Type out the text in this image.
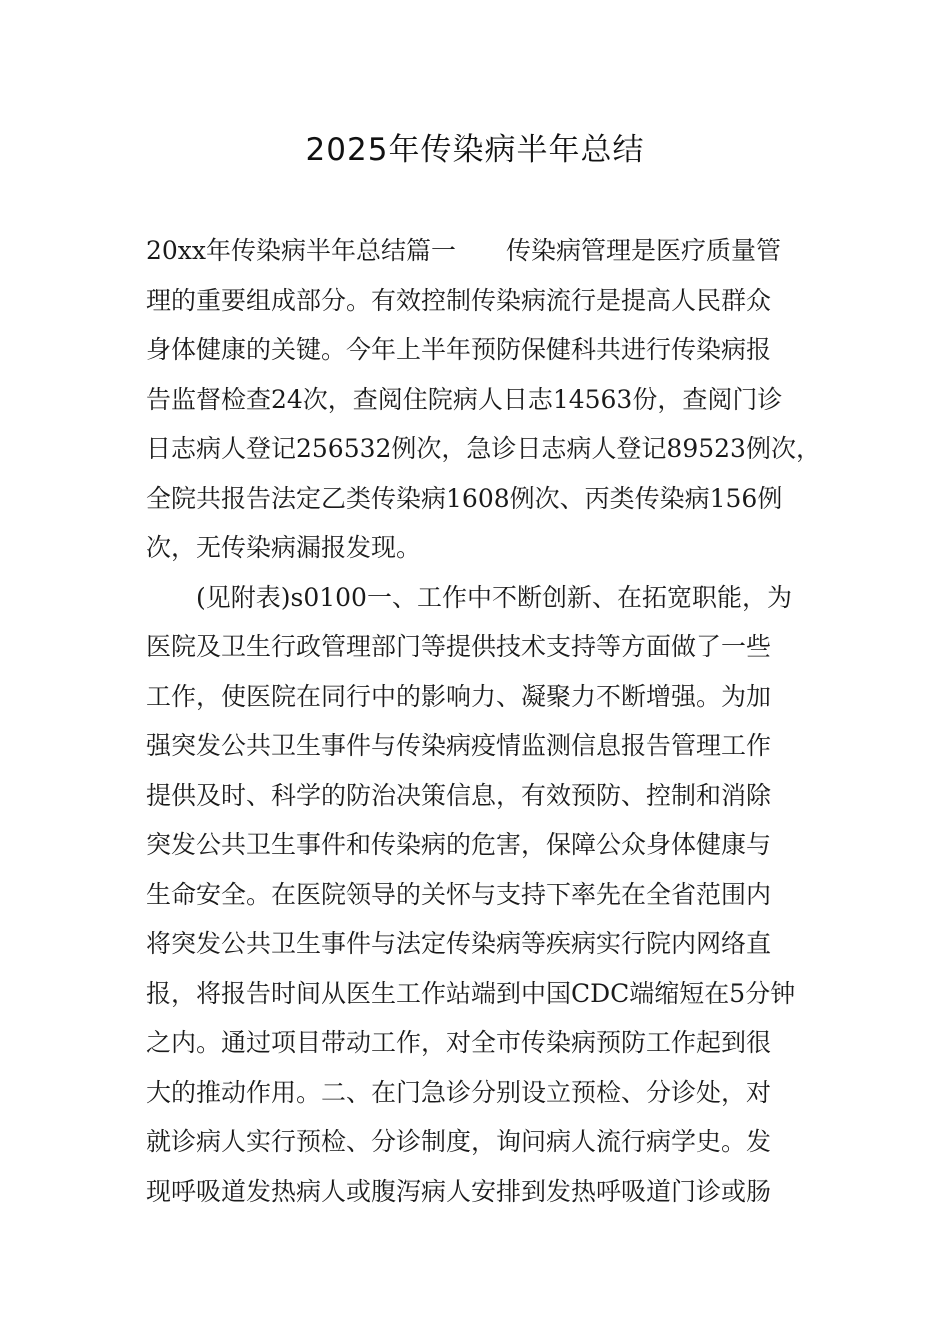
2025年传染病半年总结
20xx年传染病半年总结篇一　　传染病管理是医疗质量管
理的重要组成部分。有效控制传染病流行是提高人民群众
身体健康的关键。今年上半年预防保健科共进行传染病报
告监督检查24次，查阅住院病人日志14563份，查阅门诊
日志病人登记256532例次，急诊日志病人登记89523例次，
全院共报告法定乙类传染病1608例次、丙类传染病156例
次，无传染病漏报发现。
(见附表)s0100一、工作中不断创新、在拓宽职能，为
医院及卫生行政管理部门等提供技术支持等方面做了一些
工作，使医院在同行中的影响力、凝聚力不断增强。为加
强突发公共卫生事件与传染病疫情监测信息报告管理工作
提供及时、科学的防治决策信息，有效预防、控制和消除
突发公共卫生事件和传染病的危害，保障公众身体健康与
生命安全。在医院领导的关怀与支持下率先在全省范围内
将突发公共卫生事件与法定传染病等疾病实行院内网络直
报，将报告时间从医生工作站端到中国CDC端缩短在5分钟
之内。通过项目带动工作，对全市传染病预防工作起到很
大的推动作用。二、在门急诊分别设立预检、分诊处，对
就诊病人实行预检、分诊制度，询问病人流行病学史。发
现呼吸道发热病人或腹泻病人安排到发热呼吸道门诊或肠
